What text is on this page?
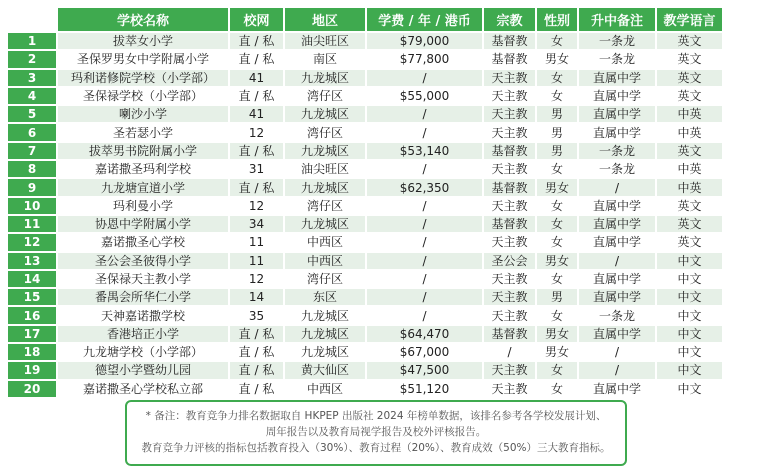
	学校名称	校网	地区	学费 / 年 / 港币	宗教	性别	升中备注	教学语言
1	拔萃女小学	直 / 私	油尖旺区	$79,000	基督教	女	一条龙	英文
2	圣保罗男女中学附属小学	直 / 私	南区	$77,800	基督教	男女	一条龙	英文
3	玛利诺修院学校（小学部）	41	九龙城区	/	天主教	女	直属中学	英文
4	圣保禄学校（小学部）	直 / 私	湾仔区	$55,000	天主教	女	直属中学	英文
5	喇沙小学	41	九龙城区	/	天主教	男	直属中学	中英
6	圣若瑟小学	12	湾仔区	/	天主教	男	直属中学	中英
7	拔萃男书院附属小学	直 / 私	九龙城区	$53,140	基督教	男	一条龙	英文
8	嘉诺撒圣玛利学校	31	油尖旺区	/	天主教	女	一条龙	中英
9	九龙塘宣道小学	直 / 私	九龙城区	$62,350	基督教	男女	/	中英
10	玛利曼小学	12	湾仔区	/	天主教	女	直属中学	英文
11	协恩中学附属小学	34	九龙城区	/	基督教	女	直属中学	英文
12	嘉诺撒圣心学校	11	中西区	/	天主教	女	直属中学	英文
13	圣公会圣彼得小学	11	中西区	/	圣公会	男女	/	中文
14	圣保禄天主教小学	12	湾仔区	/	天主教	女	直属中学	中文
15	番禺会所华仁小学	14	东区	/	天主教	男	直属中学	中文
16	天神嘉诺撒学校	35	九龙城区	/	天主教	女	一条龙	中文
17	香港培正小学	直 / 私	九龙城区	$64,470	基督教	男女	直属中学	中文
18	九龙塘学校（小学部）	直 / 私	九龙城区	$67,000	/	男女	/	中文
19	德望小学暨幼儿园	直 / 私	黄大仙区	$47,500	天主教	女	/	中文
20	嘉诺撒圣心学校私立部	直 / 私	中西区	$51,120	天主教	女	直属中学	中文

* 备注：教育竞争力排名数据取自 HKPEP 出版社 2024 年榜单数据，该排名参考各学校发展计划、

周年报告以及教育局视学报告及校外评核报告。

教育竞争力评核的指标包括教育投入（30%）、教育过程（20%）、教育成效（50%）三大教育指标。
